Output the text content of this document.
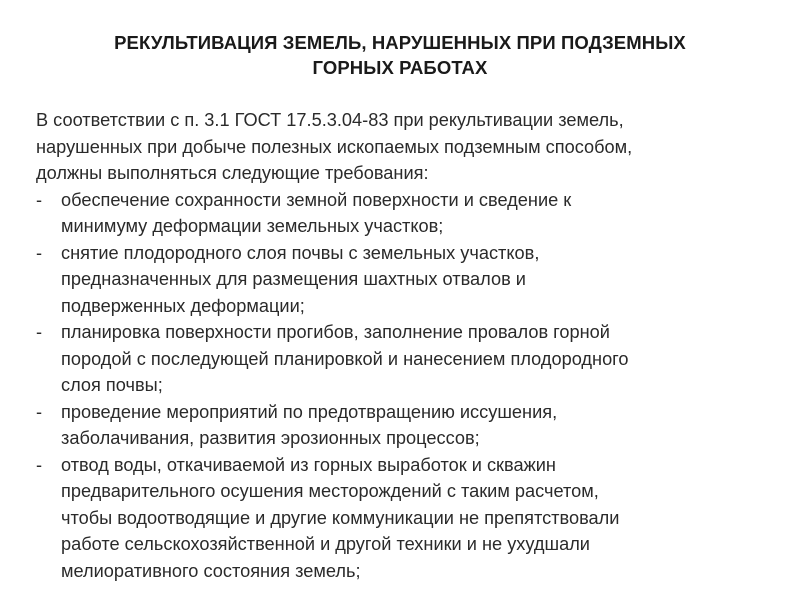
РЕКУЛЬТИВАЦИЯ ЗЕМЕЛЬ, НАРУШЕННЫХ ПРИ ПОДЗЕМНЫХ
ГОРНЫХ РАБОТАХ
В соответствии с п. 3.1 ГОСТ 17.5.3.04-83 при рекультивации земель,
нарушенных при добыче полезных ископаемых подземным способом,
должны выполняться следующие требования:
-	обеспечение сохранности земной поверхности и сведение к
минимуму деформации земельных участков;
-	снятие плодородного слоя почвы с земельных участков,
предназначенных для размещения шахтных отвалов и
подверженных деформации;
-	планировка поверхности прогибов, заполнение провалов горной
породой с последующей планировкой и нанесением плодородного
слоя почвы;
-	проведение мероприятий по предотвращению иссушения,
заболачивания, развития эрозионных процессов;
-	отвод воды, откачиваемой из горных выработок и скважин
предварительного осушения месторождений с таким расчетом,
чтобы водоотводящие и другие коммуникации не препятствовали
работе сельскохозяйственной и другой техники и не ухудшали
мелиоративного состояния земель;
